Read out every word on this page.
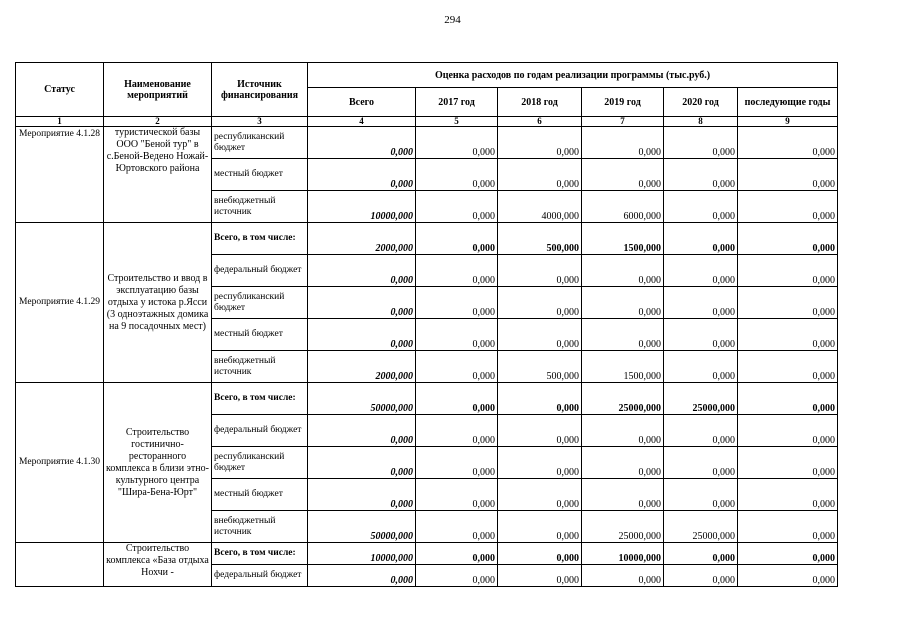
294
Статус	Наименование мероприятий	Источник финансирования	Оценка расходов по годам реализации программы (тыс.руб.)					
			Всего	2017 год	2018 год	2019 год	2020 год	последующие годы
1	2	3	4	5	6	7	8	9
Мероприятие 4.1.28	туристической базы ООО "Беной тур" в с.Беной-Ведено Ножай-Юртовского района	республиканский бюджет	0,000	0,000	0,000	0,000	0,000	0,000
		местный бюджет	0,000	0,000	0,000	0,000	0,000	0,000
		внебюджетный источник	10000,000	0,000	4000,000	6000,000	0,000	0,000
Мероприятие 4.1.29	Строительство и ввод в эксплуатацию базы отдыха у истока р.Ясси (3 одноэтажных домика на 9 посадочных мест)	Всего, в том числе:	2000,000	0,000	500,000	1500,000	0,000	0,000
		федеральный бюджет	0,000	0,000	0,000	0,000	0,000	0,000
		республиканский бюджет	0,000	0,000	0,000	0,000	0,000	0,000
		местный бюджет	0,000	0,000	0,000	0,000	0,000	0,000
		внебюджетный источник	2000,000	0,000	500,000	1500,000	0,000	0,000
Мероприятие 4.1.30	Строительство гостинично-ресторанного комплекса в близи этно-культурного центра "Шира-Бена-Юрт"	Всего, в том числе:	50000,000	0,000	0,000	25000,000	25000,000	0,000
		федеральный бюджет	0,000	0,000	0,000	0,000	0,000	0,000
		республиканский бюджет	0,000	0,000	0,000	0,000	0,000	0,000
		местный бюджет	0,000	0,000	0,000	0,000	0,000	0,000
		внебюджетный источник	50000,000	0,000	0,000	25000,000	25000,000	0,000
	Строительство комплекса «База отдыха Нохчи -	Всего, в том числе:	10000,000	0,000	0,000	10000,000	0,000	0,000
		федеральный бюджет	0,000	0,000	0,000	0,000	0,000	0,000
